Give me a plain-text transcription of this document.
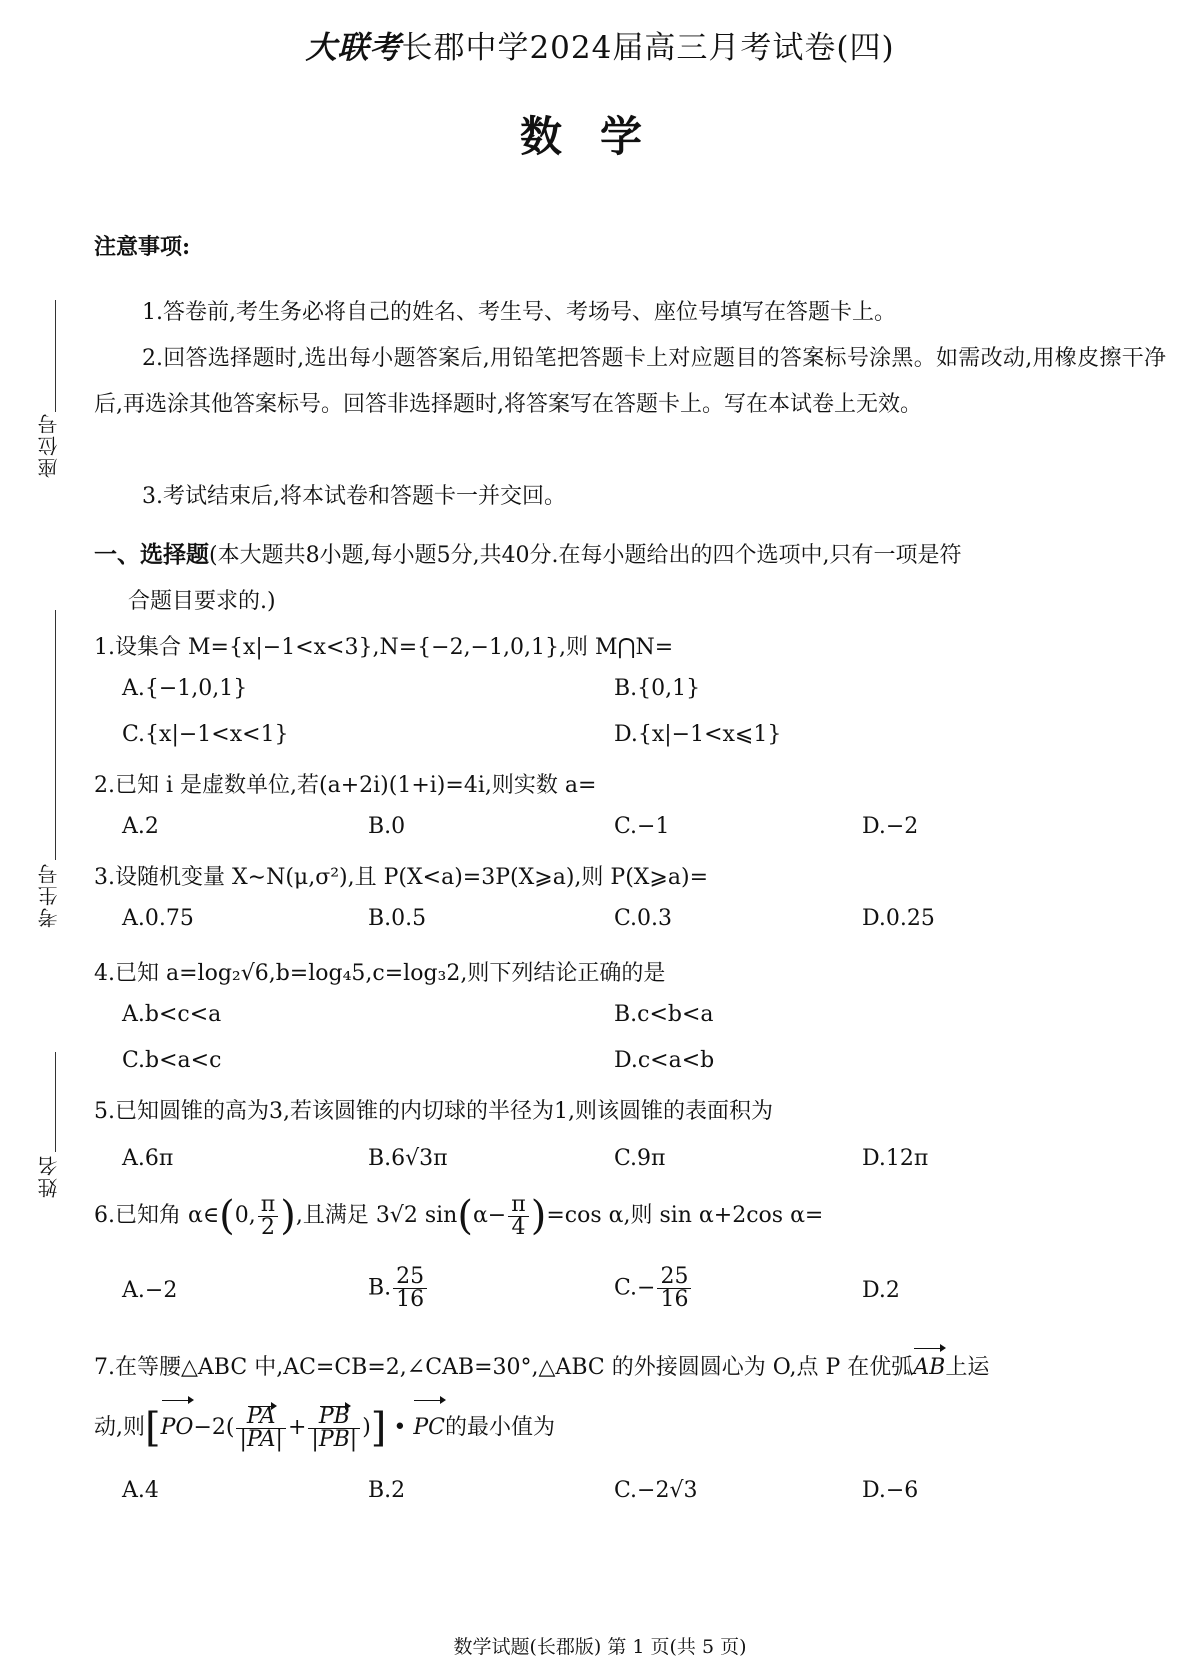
大联考长郡中学2024届高三月考试卷(四)
数学
座位号
考生号
姓名
注意事项:
1.答卷前,考生务必将自己的姓名、考生号、考场号、座位号填写在答题卡上。
2.回答选择题时,选出每小题答案后,用铅笔把答题卡上对应题目的答案标号涂黑。如需改动,用橡皮擦干净后,再选涂其他答案标号。回答非选择题时,将答案写在答题卡上。写在本试卷上无效。
3.考试结束后,将本试卷和答题卡一并交回。
一、选择题(本大题共8小题,每小题5分,共40分.在每小题给出的四个选项中,只有一项是符
合题目要求的.)
1.设集合 M={x|−1<x<3},N={−2,−1,0,1},则 M⋂N=
A.{−1,0,1}	B.{0,1}
C.{x|−1<x<1}	D.{x|−1<x⩽1}
2.已知 i 是虚数单位,若(a+2i)(1+i)=4i,则实数 a=
A.2	B.0	C.−1	D.−2
3.设随机变量 X∼N(μ,σ²),且 P(X<a)=3P(X⩾a),则 P(X⩾a)=
A.0.75	B.0.5	C.0.3	D.0.25
4.已知 a=log₂√6,b=log₄5,c=log₃2,则下列结论正确的是
A.b<c<a	B.c<b<a
C.b<a<c	D.c<a<b
5.已知圆锥的高为3,若该圆锥的内切球的半径为1,则该圆锥的表面积为
A.6π	B.6√3π	C.9π	D.12π
6.已知角 α∈(0, $\frac{\pi}{2}$ ),且满足 3√2 $\sin(\alpha- \frac{\pi}{4} )=\cos$ α,则 sin α+2cos α=
A.−2	B. $\frac{25}{16}$	$C.- \frac{25}{16}$	D.2
7.在等腰△ABC 中,AC=CB=2,∠CAB=30°,△ABC 的外接圆圆心为 O,点 P 在优弧AB上运
动,则[$PO-2( \frac{PA}{|PA|} + \frac{PB}{|PB|}$ )] • PC的最小值为
A.4	B.2	C.−2√3	D.−6
数学试题(长郡版) 第 1 页(共 5 页)
